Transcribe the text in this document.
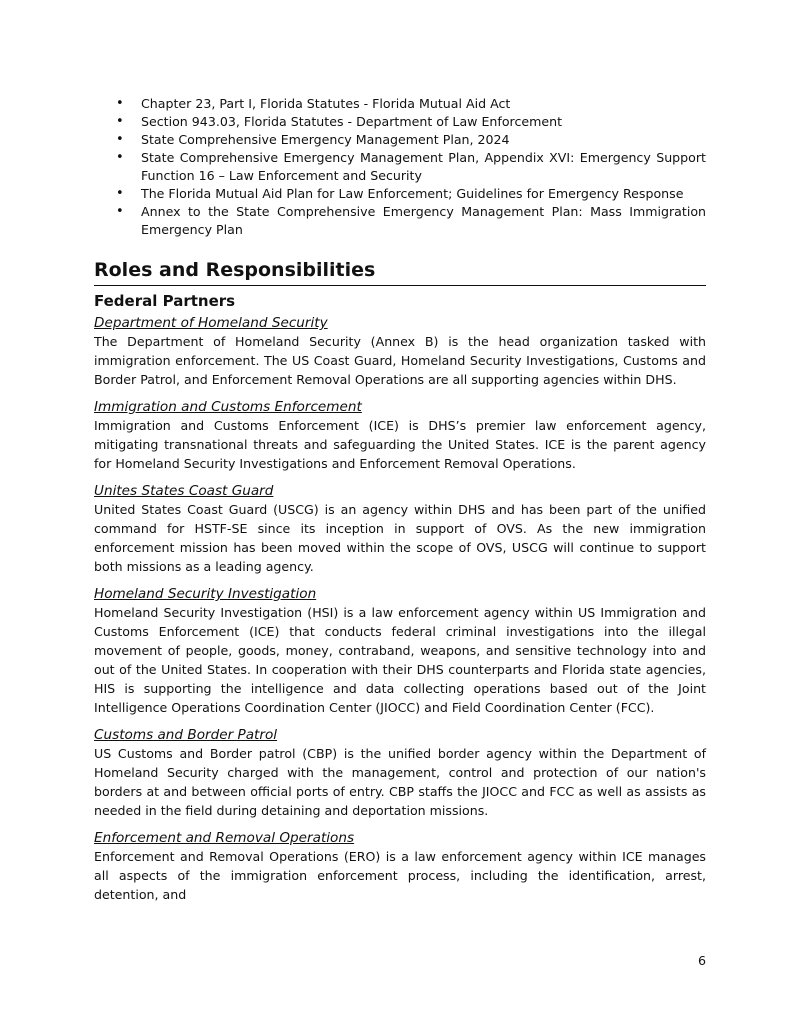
• Chapter 23, Part I, Florida Statutes - Florida Mutual Aid Act
• Section 943.03, Florida Statutes - Department of Law Enforcement
• State Comprehensive Emergency Management Plan, 2024
• State Comprehensive Emergency Management Plan, Appendix XVI: Emergency Support Function 16 – Law Enforcement and Security
• The Florida Mutual Aid Plan for Law Enforcement; Guidelines for Emergency Response
• Annex to the State Comprehensive Emergency Management Plan: Mass Immigration Emergency Plan
Roles and Responsibilities
Federal Partners

Department of Homeland Security

The Department of Homeland Security (Annex B) is the head organization tasked with immigration enforcement. The US Coast Guard, Homeland Security Investigations, Customs and Border Patrol, and Enforcement Removal Operations are all supporting agencies within DHS.

Immigration and Customs Enforcement

Immigration and Customs Enforcement (ICE) is DHS’s premier law enforcement agency, mitigating transnational threats and safeguarding the United States. ICE is the parent agency for Homeland Security Investigations and Enforcement Removal Operations.

Unites States Coast Guard

United States Coast Guard (USCG) is an agency within DHS and has been part of the unified command for HSTF-SE since its inception in support of OVS. As the new immigration enforcement mission has been moved within the scope of OVS, USCG will continue to support both missions as a leading agency.

Homeland Security Investigation

Homeland Security Investigation (HSI) is a law enforcement agency within US Immigration and Customs Enforcement (ICE) that conducts federal criminal investigations into the illegal movement of people, goods, money, contraband, weapons, and sensitive technology into and out of the United States. In cooperation with their DHS counterparts and Florida state agencies, HIS is supporting the intelligence and data collecting operations based out of the Joint Intelligence Operations Coordination Center (JIOCC) and Field Coordination Center (FCC).

Customs and Border Patrol

US Customs and Border patrol (CBP) is the unified border agency within the Department of Homeland Security charged with the management, control and protection of our nation's borders at and between official ports of entry. CBP staffs the JIOCC and FCC as well as assists as needed in the field during detaining and deportation missions.

Enforcement and Removal Operations

Enforcement and Removal Operations (ERO) is a law enforcement agency within ICE manages all aspects of the immigration enforcement process, including the identification, arrest, detention, and

6
